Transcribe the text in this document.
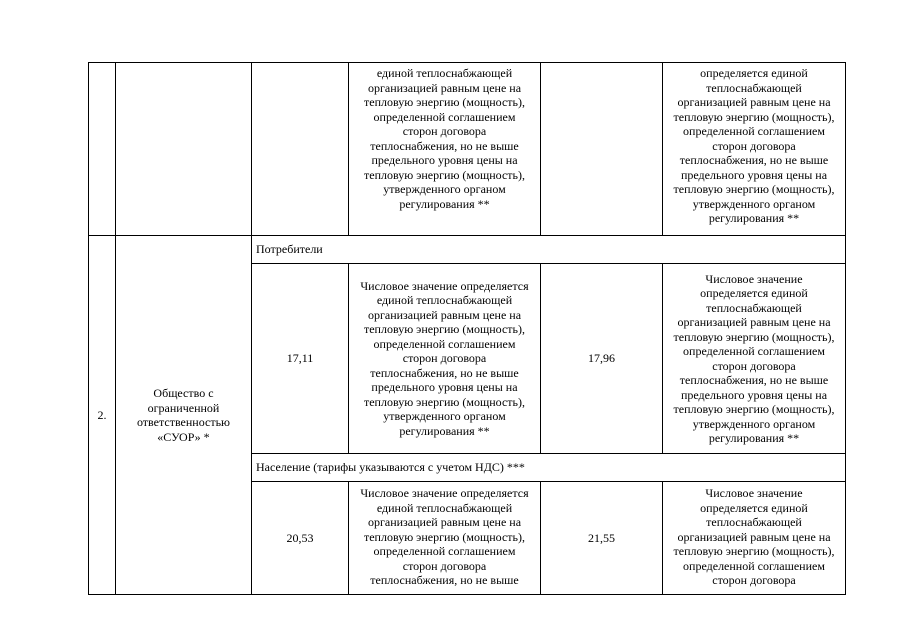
единой теплоснабжающей
организацией равным цене на
тепловую энергию (мощность),
определенной соглашением
сторон договора
теплоснабжения, но не выше
предельного уровня цены на
тепловую энергию (мощность),
утвержденного органом
регулирования **
определяется единой
теплоснабжающей
организацией равным цене на
тепловую энергию (мощность),
определенной соглашением
сторон договора
теплоснабжения, но не выше
предельного уровня цены на
тепловую энергию (мощность),
утвержденного органом
регулирования **
2.
Общество с
ограниченной
ответственностью
«СУОР» *
Потребители
17,11
Числовое значение определяется
единой теплоснабжающей
организацией равным цене на
тепловую энергию (мощность),
определенной соглашением
сторон договора
теплоснабжения, но не выше
предельного уровня цены на
тепловую энергию (мощность),
утвержденного органом
регулирования **
17,96
Числовое значение
определяется единой
теплоснабжающей
организацией равным цене на
тепловую энергию (мощность),
определенной соглашением
сторон договора
теплоснабжения, но не выше
предельного уровня цены на
тепловую энергию (мощность),
утвержденного органом
регулирования **
Население (тарифы указываются с учетом НДС) ***
20,53
Числовое значение определяется
единой теплоснабжающей
организацией равным цене на
тепловую энергию (мощность),
определенной соглашением
сторон договора
теплоснабжения, но не выше
21,55
Числовое значение
определяется единой
теплоснабжающей
организацией равным цене на
тепловую энергию (мощность),
определенной соглашением
сторон договора
